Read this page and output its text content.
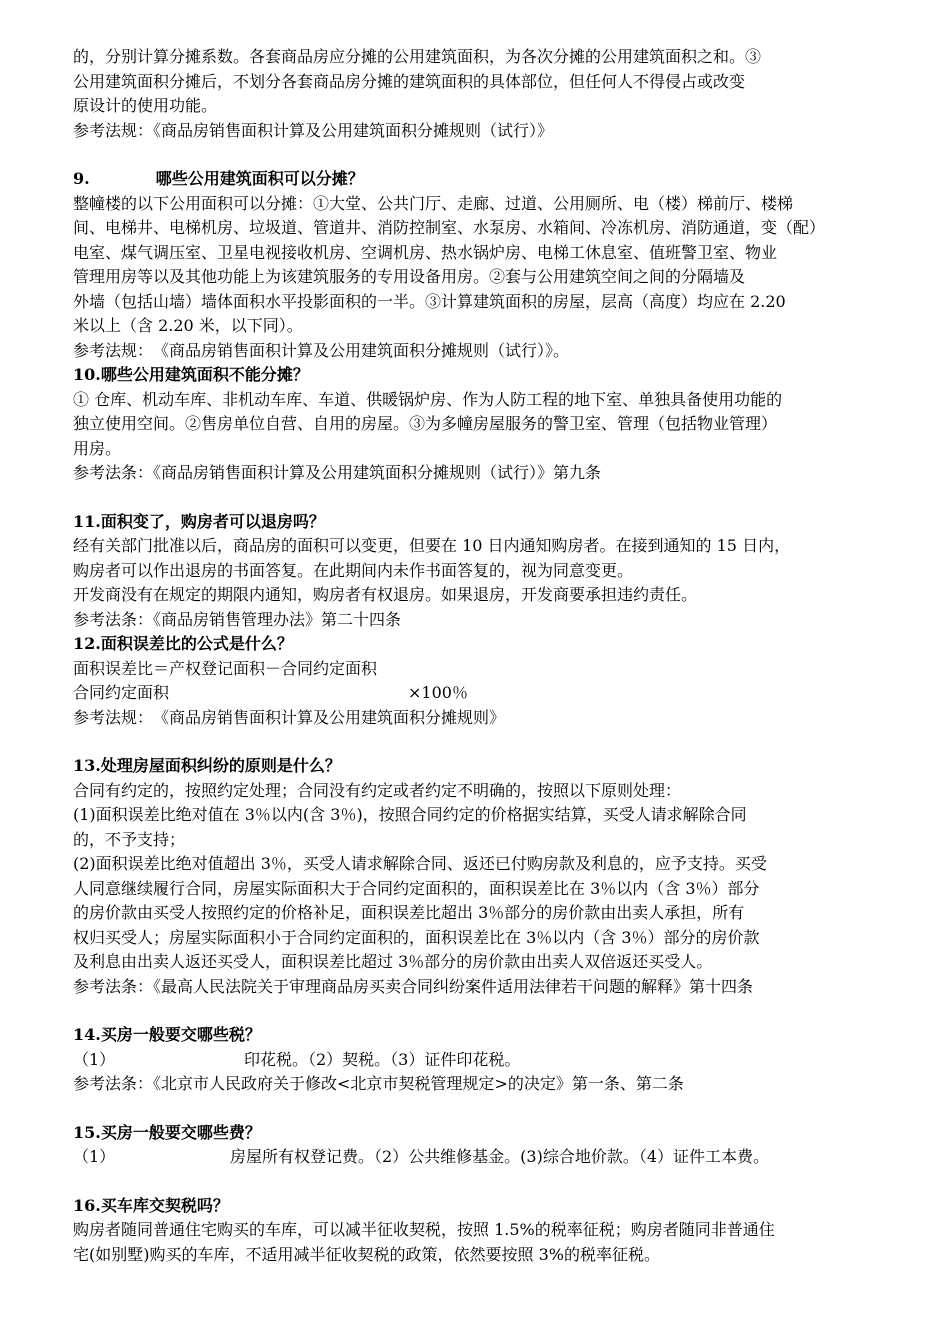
的，分别计算分摊系数。各套商品房应分摊的公用建筑面积，为各次分摊的公用建筑面积之和。③
公用建筑面积分摊后，不划分各套商品房分摊的建筑面积的具体部位，但任何人不得侵占或改变
原设计的使用功能。
参考法规：《商品房销售面积计算及公用建筑面积分摊规则（试行）》
9.	哪些公用建筑面积可以分摊？
整幢楼的以下公用面积可以分摊：①大堂、公共门厅、走廊、过道、公用厕所、电（楼）梯前厅、楼梯
间、电梯井、电梯机房、垃圾道、管道井、消防控制室、水泵房、水箱间、冷冻机房、消防通道，变（配）
电室、煤气调压室、卫星电视接收机房、空调机房、热水锅炉房、电梯工休息室、值班警卫室、物业
管理用房等以及其他功能上为该建筑服务的专用设备用房。②套与公用建筑空间之间的分隔墙及
外墙（包括山墙）墙体面积水平投影面积的一半。③计算建筑面积的房屋，层高（高度）均应在 2.20
米以上（含 2.20 米，以下同）。
参考法规：　《商品房销售面积计算及公用建筑面积分摊规则（试行）》。
10.哪些公用建筑面积不能分摊？
① 仓库、机动车库、非机动车库、车道、供暖锅炉房、作为人防工程的地下室、单独具备使用功能的
独立使用空间。②售房单位自营、自用的房屋。③为多幢房屋服务的警卫室、管理（包括物业管理）
用房。
参考法条：《商品房销售面积计算及公用建筑面积分摊规则（试行）》第九条
11.面积变了，购房者可以退房吗？
经有关部门批准以后，商品房的面积可以变更，但要在 10 日内通知购房者。在接到通知的 15 日内，
购房者可以作出退房的书面答复。在此期间内未作书面答复的，视为同意变更。
开发商没有在规定的期限内通知，购房者有权退房。如果退房，开发商要承担违约责任。
参考法条：《商品房销售管理办法》第二十四条
12.面积误差比的公式是什么？
面积误差比＝产权登记面积－合同约定面积
合同约定面积	×100％
参考法规：　《商品房销售面积计算及公用建筑面积分摊规则》
13.处理房屋面积纠纷的原则是什么？
合同有约定的，按照约定处理；合同没有约定或者约定不明确的，按照以下原则处理：
(1)面积误差比绝对值在 3％以内(含 3％)，按照合同约定的价格据实结算，买受人请求解除合同
的，不予支持；
(2)面积误差比绝对值超出 3％，买受人请求解除合同、返还已付购房款及利息的，应予支持。买受
人同意继续履行合同，房屋实际面积大于合同约定面积的，面积误差比在 3％以内（含 3％）部分
的房价款由买受人按照约定的价格补足，面积误差比超出 3％部分的房价款由出卖人承担，所有
权归买受人；房屋实际面积小于合同约定面积的，面积误差比在 3％以内（含 3％）部分的房价款
及利息由出卖人返还买受人，面积误差比超过 3％部分的房价款由出卖人双倍返还买受人。
参考法条：《最高人民法院关于审理商品房买卖合同纠纷案件适用法律若干问题的解释》第十四条
14.买房一般要交哪些税？
（1）	印花税。（2）契税。（3）证件印花税。
参考法条：《北京市人民政府关于修改<北京市契税管理规定>的决定》第一条、第二条
15.买房一般要交哪些费？
（1）	房屋所有权登记费。（2）公共维修基金。(3)综合地价款。（4）证件工本费。
16.买车库交契税吗？
购房者随同普通住宅购买的车库，可以减半征收契税，按照 1.5%的税率征税；购房者随同非普通住
宅(如别墅)购买的车库，不适用减半征收契税的政策，依然要按照 3%的税率征税。
